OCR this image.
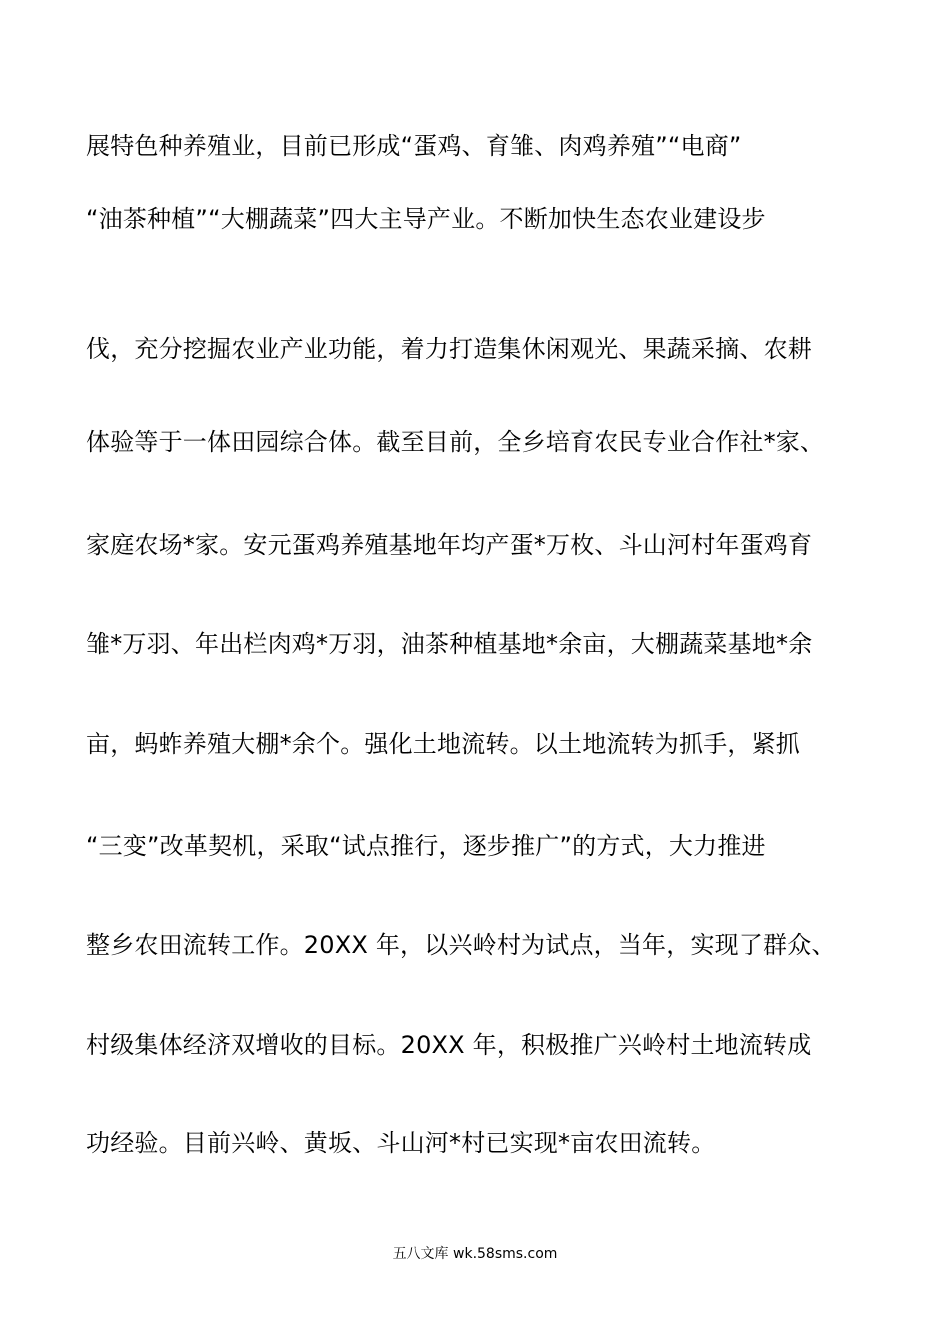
展特色种养殖业，目前已形成“蛋鸡、育雏、肉鸡养殖”“电商”
“油茶种植”“大棚蔬菜”四大主导产业。不断加快生态农业建设步
伐，充分挖掘农业产业功能，着力打造集休闲观光、果蔬采摘、农耕
体验等于一体田园综合体。截至目前，全乡培育农民专业合作社*家、
家庭农场*家。安元蛋鸡养殖基地年均产蛋*万枚、斗山河村年蛋鸡育
雏*万羽、年出栏肉鸡*万羽，油茶种植基地*余亩，大棚蔬菜基地*余
亩，蚂蚱养殖大棚*余个。强化土地流转。以土地流转为抓手，紧抓
“三变”改革契机，采取“试点推行，逐步推广”的方式，大力推进
整乡农田流转工作。20XX 年，以兴岭村为试点，当年，实现了群众、
村级集体经济双增收的目标。20XX 年，积极推广兴岭村土地流转成
功经验。目前兴岭、黄坂、斗山河*村已实现*亩农田流转。
五八文库 wk.58sms.com
